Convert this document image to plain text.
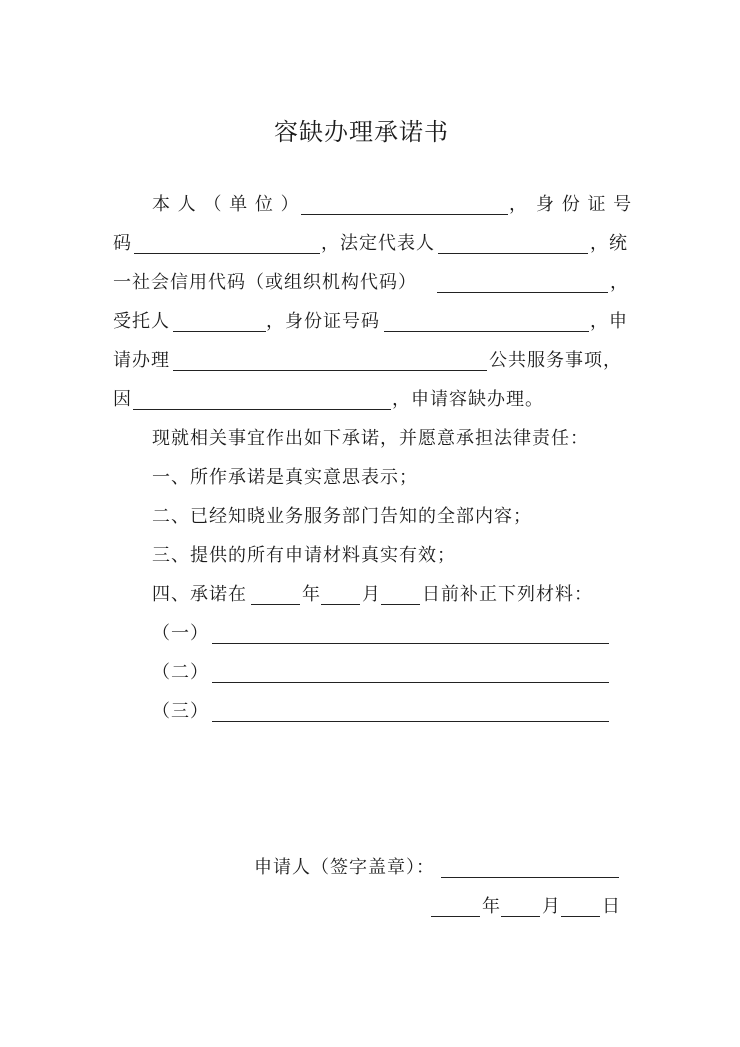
容缺办理承诺书
本 人 （ 单 位 ）	， 身 份 证 号
码	，法定代表人	，统
一社会信用代码（或组织机构代码）	，
受托人	，身份证号码	，申
请办理	公共服务事项，
因	，申请容缺办理。
现就相关事宜作出如下承诺，并愿意承担法律责任：
一、所作承诺是真实意思表示；
二、已经知晓业务服务部门告知的全部内容；
三、提供的所有申请材料真实有效；
四、承诺在	年 月 日前补正下列材料：
（一）
（二）
（三）
申请人（签字盖章）：
年 月 日
